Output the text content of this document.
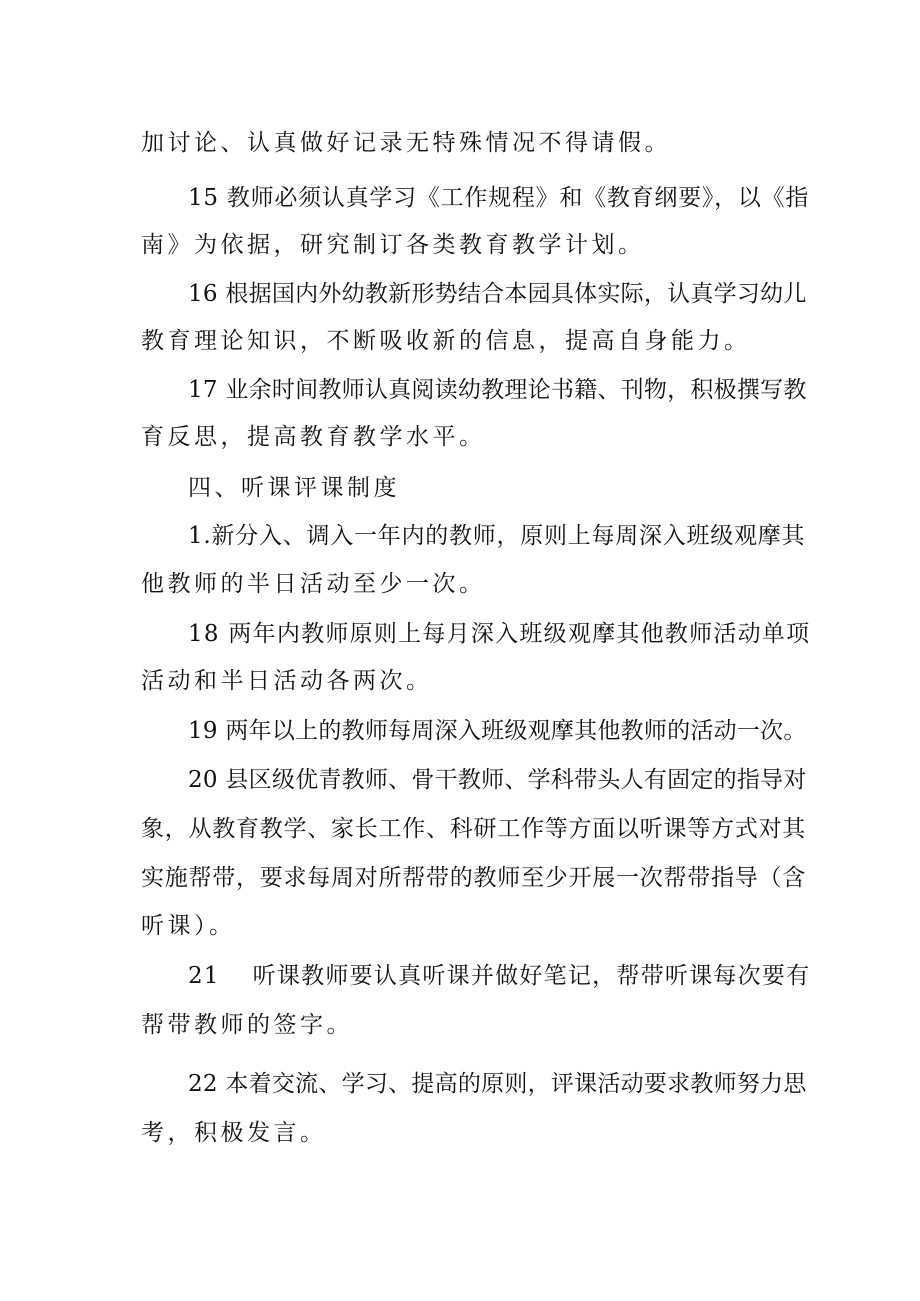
加讨论、认真做好记录无特殊情况不得请假。
15 教师必须认真学习《工作规程》和《教育纲要》，以《指
南》为依据，研究制订各类教育教学计划。
16 根据国内外幼教新形势结合本园具体实际，认真学习幼儿
教育理论知识，不断吸收新的信息，提高自身能力。
17 业余时间教师认真阅读幼教理论书籍、刊物，积极撰写教
育反思，提高教育教学水平。
四、听课评课制度
1.新分入、调入一年内的教师，原则上每周深入班级观摩其
他教师的半日活动至少一次。
18 两年内教师原则上每月深入班级观摩其他教师活动单项
活动和半日活动各两次。
19 两年以上的教师每周深入班级观摩其他教师的活动一次。
20 县区级优青教师、骨干教师、学科带头人有固定的指导对
象，从教育教学、家长工作、科研工作等方面以听课等方式对其
实施帮带，要求每周对所帮带的教师至少开展一次帮带指导（含
听课）。
21　 听课教师要认真听课并做好笔记，帮带听课每次要有
帮带教师的签字。
22 本着交流、学习、提高的原则，评课活动要求教师努力思
考，积极发言。
